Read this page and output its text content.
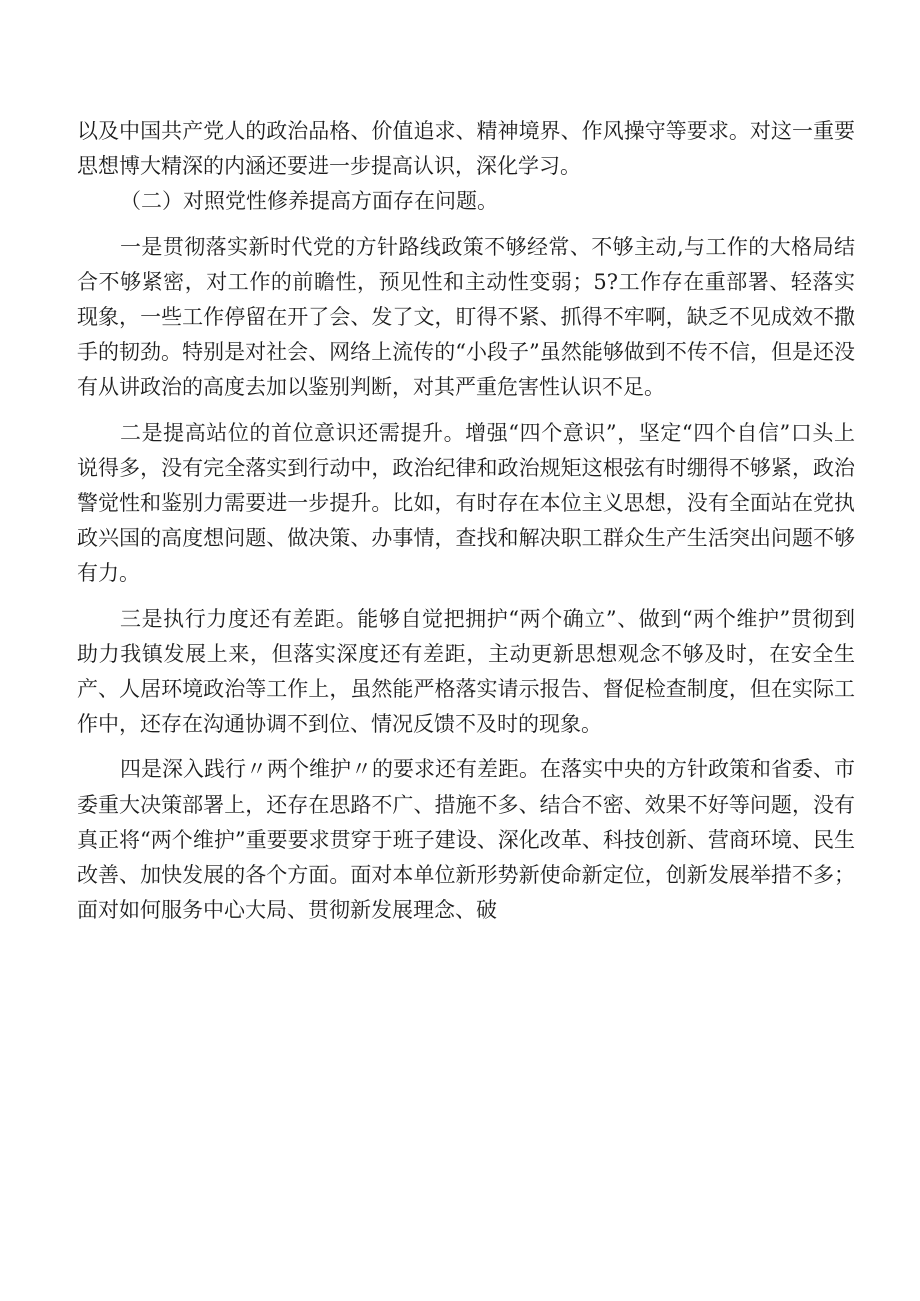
以及中国共产党人的政治品格、价值追求、精神境界、作风操守等要求。对这一重要思想博大精深的内涵还要进一步提高认识，深化学习。

（二）对照党性修养提高方面存在问题。

一是贯彻落实新时代党的方针路线政策不够经常、不够主动,与工作的大格局结合不够紧密，对工作的前瞻性，预见性和主动性变弱；5?工作存在重部署、轻落实现象，一些工作停留在开了会、发了文，盯得不紧、抓得不牢啊，缺乏不见成效不撒手的韧劲。特别是对社会、网络上流传的“小段子”虽然能够做到不传不信，但是还没有从讲政治的高度去加以鉴别判断，对其严重危害性认识不足。

二是提高站位的首位意识还需提升。增强“四个意识”，坚定“四个自信”口头上说得多，没有完全落实到行动中，政治纪律和政治规矩这根弦有时绷得不够紧，政治警觉性和鉴别力需要进一步提升。比如，有时存在本位主义思想，没有全面站在党执政兴国的高度想问题、做决策、办事情，查找和解决职工群众生产生活突出问题不够有力。

三是执行力度还有差距。能够自觉把拥护“两个确立”、做到“两个维护”贯彻到助力我镇发展上来，但落实深度还有差距，主动更新思想观念不够及时，在安全生产、人居环境政治等工作上，虽然能严格落实请示报告、督促检查制度，但在实际工作中，还存在沟通协调不到位、情况反馈不及时的现象。

四是深入践行〃两个维护〃的要求还有差距。在落实中央的方针政策和省委、市委重大决策部署上，还存在思路不广、措施不多、结合不密、效果不好等问题，没有真正将“两个维护”重要要求贯穿于班子建设、深化改革、科技创新、营商环境、民生改善、加快发展的各个方面。面对本单位新形势新使命新定位，创新发展举措不多；面对如何服务中心大局、贯彻新发展理念、破
